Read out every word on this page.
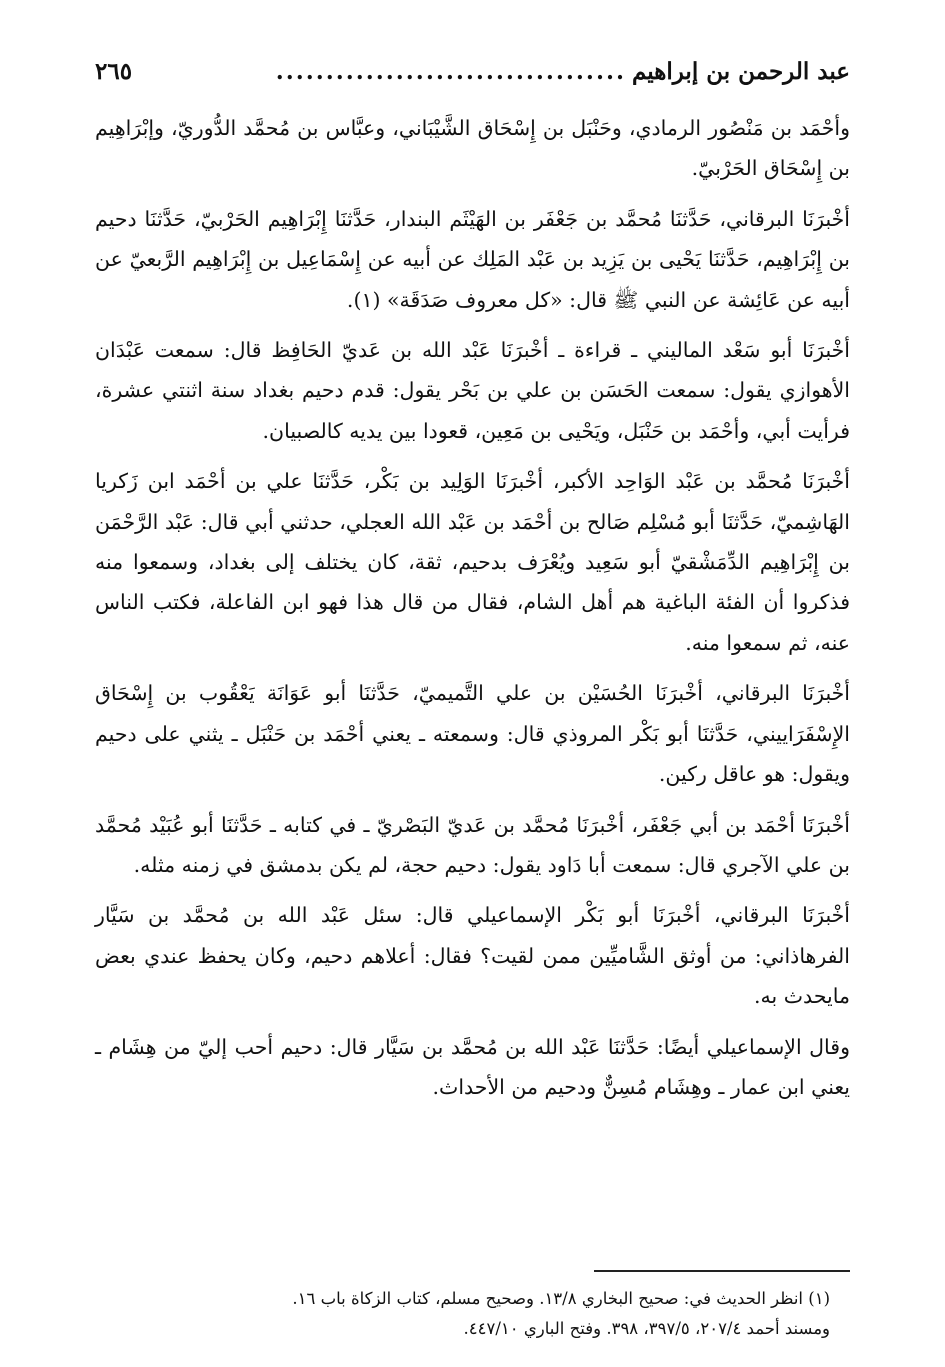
عبد الرحمن بن إبراهيم
...................................
٢٦٥

وأحْمَد بن مَنْصُور الرمادي، وحَنْبَل بن إِسْحَاق الشَّيْبَاني، وعبَّاس بن مُحمَّد الدُّوريّ، وإبْرَاهِيم بن إِسْحَاق الحَرْبيّ.

أخْبرَنَا البرقاني، حَدَّثنَا مُحمَّد بن جَعْفَر بن الهَيْثَم البندار، حَدَّثنَا إِبْرَاهِيم الحَرْبيّ، حَدَّثنَا دحيم بن إِبْرَاهِيم، حَدَّثنَا يَحْيى بن يَزِيد بن عَبْد المَلِك عن أبيه عن إِسْمَاعِيل بن إِبْرَاهِيم الرَّبعيّ عن أبيه عن عَائِشة عن النبي ﷺ قال: «كل معروف صَدَقَة» (١).

أخْبرَنَا أبو سَعْد الماليني ـ قراءة ـ أخْبرَنَا عَبْد الله بن عَديّ الحَافِظ قال: سمعت عَبْدَان الأهوازي يقول: سمعت الحَسَن بن علي بن بَحْر يقول: قدم دحيم بغداد سنة اثنتي عشرة، فرأيت أبي، وأحْمَد بن حَنْبَل، ويَحْيى بن مَعِين، قعودا بين يديه كالصبيان.

أخْبرَنَا مُحمَّد بن عَبْد الوَاحِد الأكبر، أخْبرَنَا الوَلِيد بن بَكْر، حَدَّثنَا علي بن أحْمَد ابن زَكريا الهَاشِميّ، حَدَّثنَا أبو مُسْلِم صَالح بن أحْمَد بن عَبْد الله العجلي، حدثني أبي قال: عَبْد الرَّحْمَن بن إِبْرَاهِيم الدِّمَشْقيّ أبو سَعِيد ويُعْرَف بدحيم، ثقة، كان يختلف إلى بغداد، وسمعوا منه فذكروا أن الفئة الباغية هم أهل الشام، فقال من قال هذا فهو ابن الفاعلة، فكتب الناس عنه، ثم سمعوا منه.

أخْبرَنَا البرقاني، أخْبرَنَا الحُسَيْن بن علي التَّميميّ، حَدَّثنَا أبو عَوَانَة يَعْقُوب بن إِسْحَاق الإِسْفَرَاييني، حَدَّثنَا أبو بَكْر المروذي قال: وسمعته ـ يعني أحْمَد بن حَنْبَل ـ يثني على دحيم ويقول: هو عاقل ركين.

أخْبرَنَا أحْمَد بن أبي جَعْفَر، أخْبرَنَا مُحمَّد بن عَديّ البَصْريّ ـ في كتابه ـ حَدَّثنَا أبو عُبَيْد مُحمَّد بن علي الآجري قال: سمعت أبا دَاود يقول: دحيم حجة، لم يكن بدمشق في زمنه مثله.

أخْبرَنَا البرقاني، أخْبرَنَا أبو بَكْر الإسماعيلي قال: سئل عَبْد الله بن مُحمَّد بن سَيَّار الفرهاذاني: من أوثق الشَّاميِّين ممن لقيت؟ فقال: أعلاهم دحيم، وكان يحفظ عندي بعض مايحدث به.

وقال الإسماعيلي أيضًا: حَدَّثنَا عَبْد الله بن مُحمَّد بن سَيَّار قال: دحيم أحب إليّ من هِشَام ـ يعني ابن عمار ـ وهِشَام مُسِنٌّ ودحيم من الأحداث.

(١) انظر الحديث في: صحيح البخاري ١٣/٨. وصحيح مسلم، كتاب الزكاة باب ١٦.

ومسند أحمد ٢٠٧/٤، ٣٩٧/٥، ٣٩٨. وفتح الباري ٤٤٧/١٠.
